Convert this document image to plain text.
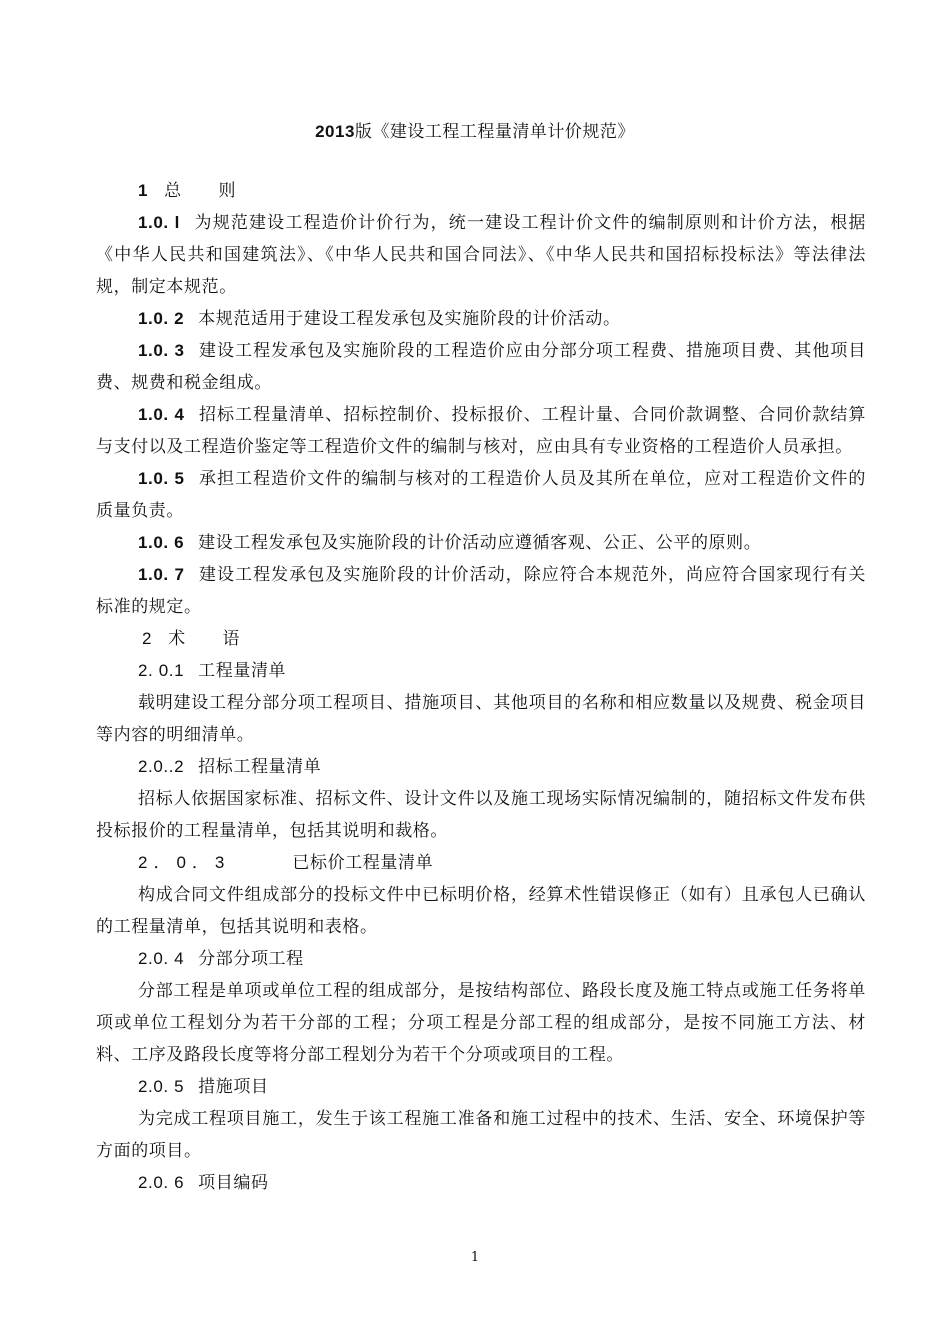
2013版《建设工程工程量清单计价规范》

1 总 则

1.0. l 为规范建设工程造价计价行为，统一建设工程计价文件的编制原则和计价方法，根据《中华人民共和国建筑法》、《中华人民共和国合同法》、《中华人民共和国招标投标法》等法律法规，制定本规范。

1.0. 2 本规范适用于建设工程发承包及实施阶段的计价活动。

1.0. 3 建设工程发承包及实施阶段的工程造价应由分部分项工程费、措施项目费、其他项目费、规费和税金组成。

1.0. 4 招标工程量清单、招标控制价、投标报价、工程计量、合同价款调整、合同价款结算与支付以及工程造价鉴定等工程造价文件的编制与核对，应由具有专业资格的工程造价人员承担。

1.0. 5 承担工程造价文件的编制与核对的工程造价人员及其所在单位，应对工程造价文件的质量负责。

1.0. 6 建设工程发承包及实施阶段的计价活动应遵循客观、公正、公平的原则。

1.0. 7 建设工程发承包及实施阶段的计价活动，除应符合本规范外，尚应符合国家现行有关标准的规定。

2 术 语

2. 0.1 工程量清单

载明建设工程分部分项工程项目、措施项目、其他项目的名称和相应数量以及规费、税金项目等内容的明细清单。

2.0..2 招标工程量清单

招标人依据国家标准、招标文件、设计文件以及施工现场实际情况编制的，随招标文件发布供投标报价的工程量清单，包括其说明和裁格。

2．0．3	已标价工程量清单

构成合同文件组成部分的投标文件中已标明价格，经算术性错误修正（如有）且承包人已确认的工程量清单，包括其说明和表格。

2.0. 4 分部分项工程

分部工程是单项或单位工程的组成部分，是按结构部位、路段长度及施工特点或施工任务将单项或单位工程划分为若干分部的工程；分项工程是分部工程的组成部分，是按不同施工方法、材料、工序及路段长度等将分部工程划分为若干个分项或项目的工程。

2.0. 5 措施项目

为完成工程项目施工，发生于该工程施工准备和施工过程中的技术、生活、安全、环境保护等方面的项目。

2.0. 6 项目编码

1
